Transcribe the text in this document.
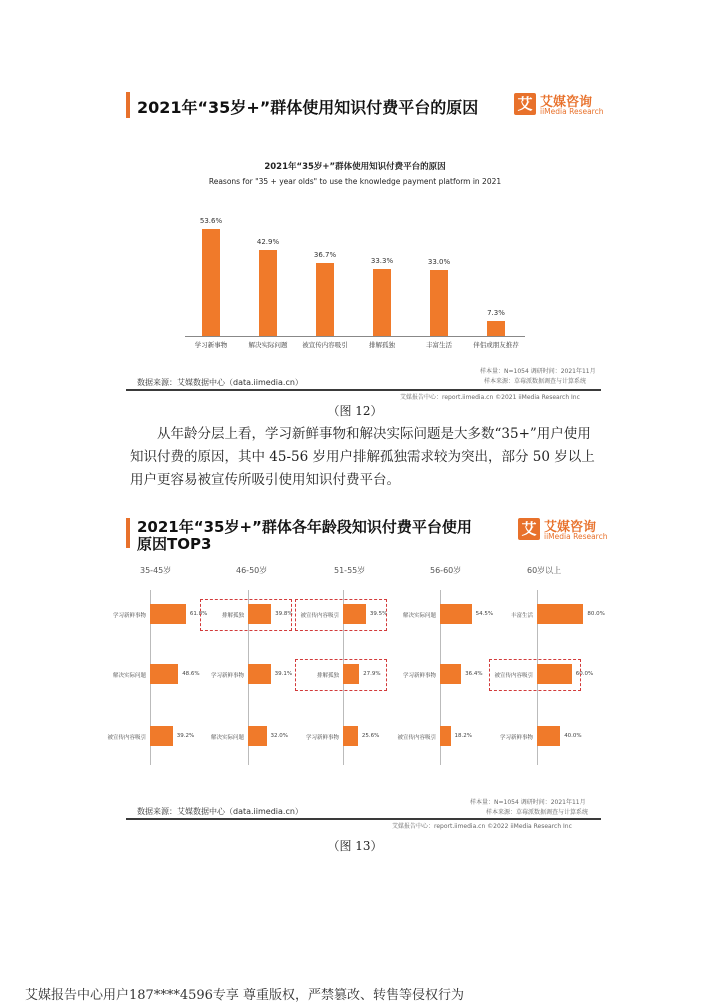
2021年“35岁+”群体使用知识付费平台的原因	艾 艾媒咨询
iiMedia Research
2021年“35岁+”群体使用知识付费平台的原因
Reasons for "35 + year olds" to use the knowledge payment platform in 2021
53.6%
学习新事物
42.9%
解决实际问题
36.7%
被宣传内容吸引
33.3%
排解孤独
33.0%
丰富生活
7.3%
伴侣或朋友推荐
样本量：N=1054 调研时间：2021年11月
样本来源：草莓派数据调查与计算系统
数据来源：艾媒数据中心（data.iimedia.cn）
艾媒报告中心：report.iimedia.cn ©2021 iiMedia Research Inc
（图 12）
从年龄分层上看，学习新鲜事物和解决实际问题是大多数“35+”用户使用知识付费的原因，其中 45-56 岁用户排解孤独需求较为突出，部分 50 岁以上用户更容易被宣传所吸引使用知识付费平台。
2021年“35岁+”群体各年龄段知识付费平台使用
原因TOP3
艾 艾媒咨询
iiMedia Research
35-45岁
学习新鲜事物	61.8%
解决实际问题	48.6%
被宣传内容吸引	39.2%
46-50岁
排解孤独	39.8%
学习新鲜事物	39.1%
解决实际问题	32.0%
51-55岁
被宣传内容吸引	39.5%
排解孤独	27.9%
学习新鲜事物	25.6%
56-60岁
解决实际问题	54.5%
学习新鲜事物	36.4%
被宣传内容吸引	18.2%
60岁以上
丰富生活	80.0%
被宣传内容吸引	60.0%
学习新鲜事物	40.0%
样本量：N=1054 调研时间：2021年11月
样本来源：草莓派数据调查与计算系统
数据来源：艾媒数据中心（data.iimedia.cn）
艾媒报告中心：report.iimedia.cn ©2022 iiMedia Research Inc
（图 13）
艾媒报告中心用户187****4596专享 尊重版权，严禁篡改、转售等侵权行为
